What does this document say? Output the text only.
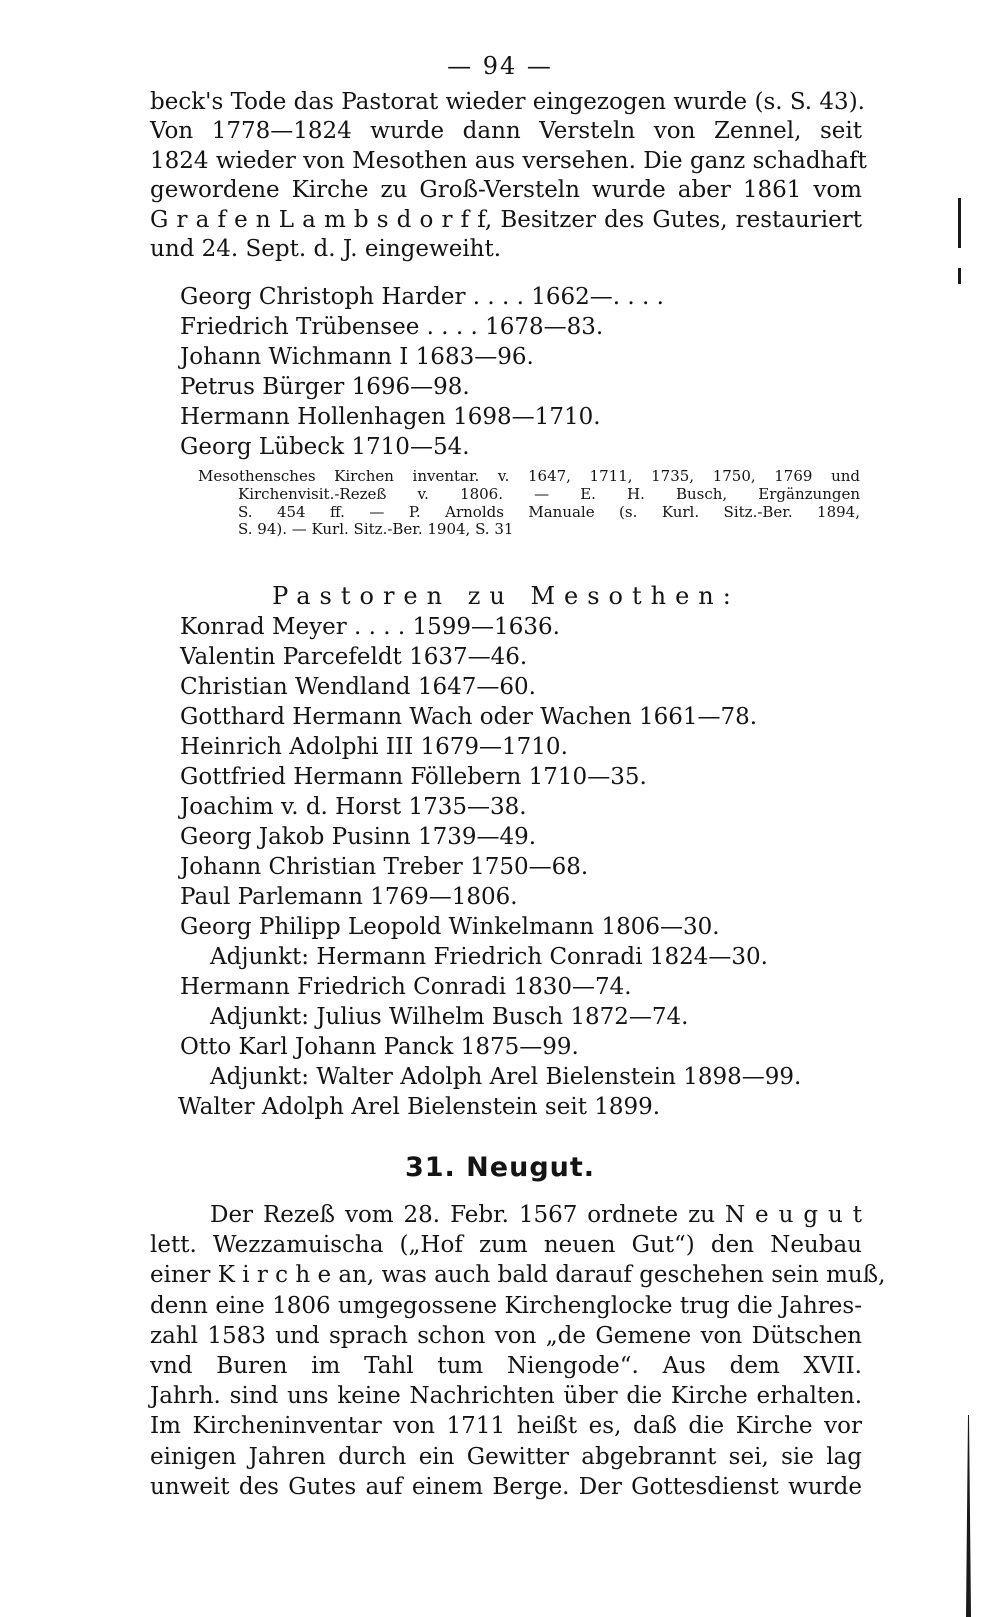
— 94 —

beck's Tode das Pastorat wieder eingezogen wurde (s. S. 43).
Von 1778—1824 wurde dann Versteln von Zennel, seit
1824 wieder von Mesothen aus versehen. Die ganz schadhaft
gewordene Kirche zu Groß-Versteln wurde aber 1861 vom
G r a f e n L a m b s d o r f f, Besitzer des Gutes, restauriert
und 24. Sept. d. J. eingeweiht.

Georg Christoph Harder . . . . 1662—. . . .
Friedrich Trübensee . . . . 1678—83.
Johann Wichmann I 1683—96.
Petrus Bürger 1696—98.
Hermann Hollenhagen 1698—1710.
Georg Lübeck 1710—54.

Mesothensches Kirchen inventar. v. 1647, 1711, 1735, 1750, 1769 und
Kirchenvisit.-Rezeß v. 1806. — E. H. Busch, Ergänzungen
S. 454 ff. — P. Arnolds Manuale (s. Kurl. Sitz.-Ber. 1894,
S. 94). — Kurl. Sitz.-Ber. 1904, S. 31

Pastoren zu Mesothen:
Konrad Meyer . . . . 1599—1636.
Valentin Parcefeldt 1637—46.
Christian Wendland 1647—60.
Gotthard Hermann Wach oder Wachen 1661—78.
Heinrich Adolphi III 1679—1710.
Gottfried Hermann Föllebern 1710—35.
Joachim v. d. Horst 1735—38.
Georg Jakob Pusinn 1739—49.
Johann Christian Treber 1750—68.
Paul Parlemann 1769—1806.
Georg Philipp Leopold Winkelmann 1806—30.
Adjunkt: Hermann Friedrich Conradi 1824—30.
Hermann Friedrich Conradi 1830—74.
Adjunkt: Julius Wilhelm Busch 1872—74.
Otto Karl Johann Panck 1875—99.
Adjunkt: Walter Adolph Arel Bielenstein 1898—99.
Walter Adolph Arel Bielenstein seit 1899.
31. Neugut.

Der Rezeß vom 28. Febr. 1567 ordnete zu N e u g u t
lett. Wezzamuischa („Hof zum neuen Gut“) den Neubau
einer K i r c h e an, was auch bald darauf geschehen sein muß,
denn eine 1806 umgegossene Kirchenglocke trug die Jahres-
zahl 1583 und sprach schon von „de Gemene von Dütschen
vnd Buren im Tahl tum Niengode“. Aus dem XVII.
Jahrh. sind uns keine Nachrichten über die Kirche erhalten.
Im Kircheninventar von 1711 heißt es, daß die Kirche vor
einigen Jahren durch ein Gewitter abgebrannt sei, sie lag
unweit des Gutes auf einem Berge. Der Gottesdienst wurde
